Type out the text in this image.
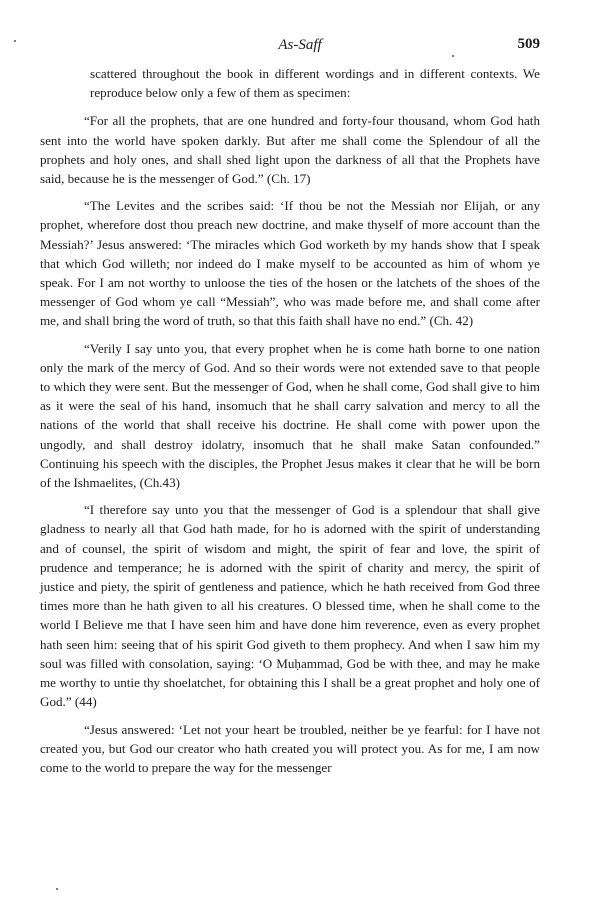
As-Saff	509

scattered throughout the book in different wordings and in different contexts. We reproduce below only a few of them as specimen:

“For all the prophets, that are one hundred and forty-four thousand, whom God hath sent into the world have spoken darkly. But after me shall come the Splendour of all the prophets and holy ones, and shall shed light upon the darkness of all that the Prophets have said, because he is the messenger of God.” (Ch. 17)

“The Levites and the scribes said: ‘If thou be not the Messiah nor Elijah, or any prophet, wherefore dost thou preach new doctrine, and make thyself of more account than the Messiah?’ Jesus answered: ‘The miracles which God worketh by my hands show that I speak that which God willeth; nor indeed do I make myself to be accounted as him of whom ye speak. For I am not worthy to unloose the ties of the hosen or the latchets of the shoes of the messenger of God whom ye call “Messiah”, who was made before me, and shall come after me, and shall bring the word of truth, so that this faith shall have no end.” (Ch. 42)

“Verily I say unto you, that every prophet when he is come hath borne to one nation only the mark of the mercy of God. And so their words were not extended save to that people to which they were sent. But the messenger of God, when he shall come, God shall give to him as it were the seal of his hand, insomuch that he shall carry salvation and mercy to all the nations of the world that shall receive his doctrine. He shall come with power upon the ungodly, and shall destroy idolatry, insomuch that he shall make Satan confounded.” Continuing his speech with the disciples, the Prophet Jesus makes it clear that he will be born of the Ishmaelites, (Ch.43)

“I therefore say unto you that the messenger of God is a splendour that shall give gladness to nearly all that God hath made, for ho is adorned with the spirit of understanding and of counsel, the spirit of wisdom and might, the spirit of fear and love, the spirit of prudence and temperance; he is adorned with the spirit of charity and mercy, the spirit of justice and piety, the spirit of gentleness and patience, which he hath received from God three times more than he hath given to all his creatures. O blessed time, when he shall come to the world I Believe me that I have seen him and have done him reverence, even as every prophet hath seen him: seeing that of his spirit God giveth to them prophecy. And when I saw him my soul was filled with consolation, saying: ‘O Muḥammad, God be with thee, and may he make me worthy to untie thy shoelatchet, for obtaining this I shall be a great prophet and holy one of God.” (44)

“Jesus answered: ‘Let not your heart be troubled, neither be ye fearful: for I have not created you, but God our creator who hath created you will protect you. As for me, I am now come to the world to prepare the way for the messenger
